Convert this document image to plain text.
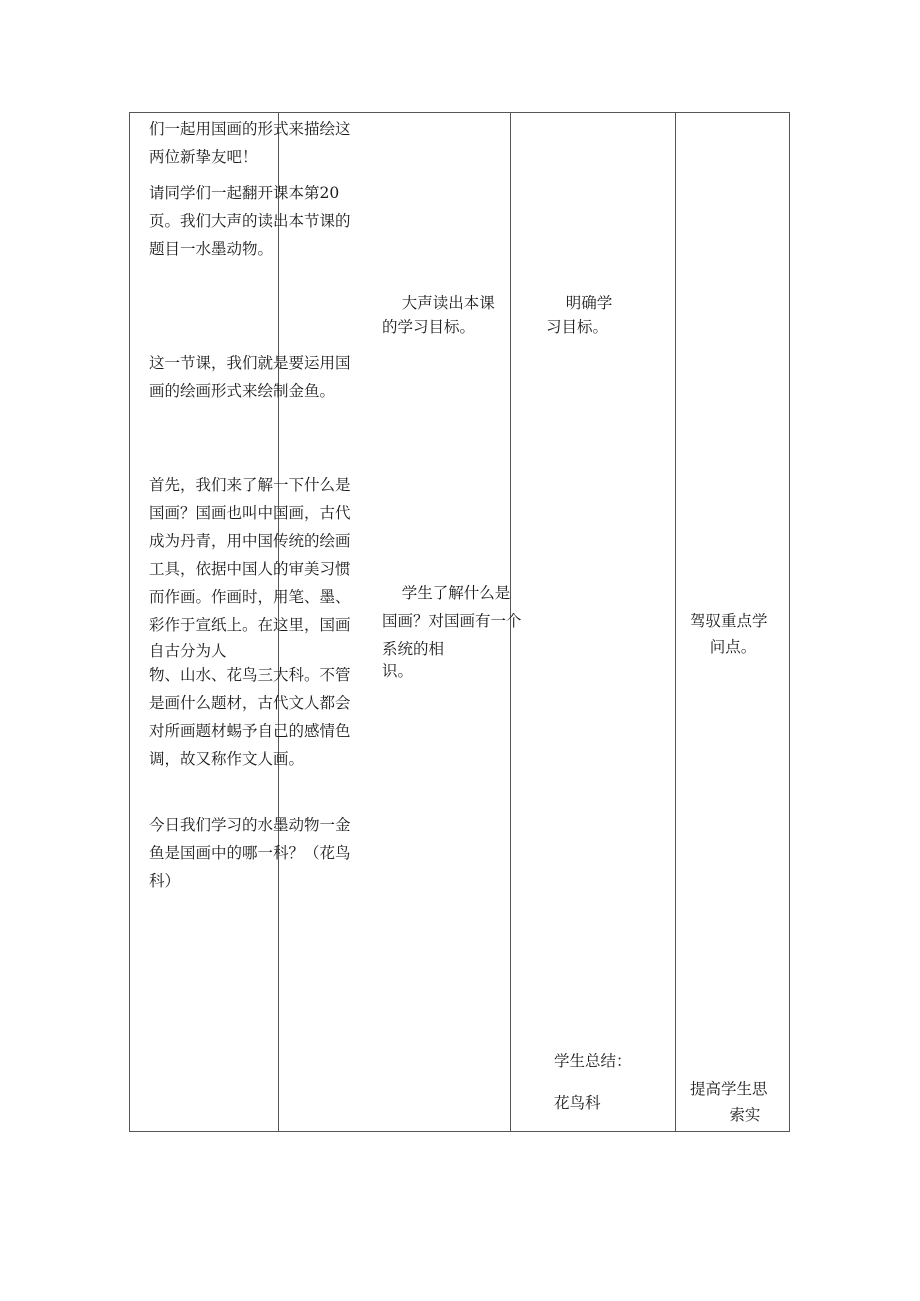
们一起用国画的形式来描绘这
两位新挚友吧！
请同学们一起翻开课本第20
页。我们大声的读出本节课的
题目一水墨动物。
这一节课，我们就是要运用国
画的绘画形式来绘制金鱼。
首先，我们来了解一下什么是
国画？国画也叫中国画，古代
成为丹青，用中国传统的绘画
工具，依据中国人的审美习惯
而作画。作画时，用笔、墨、
彩作于宣纸上。在这里，国画
自古分为人
物、山水、花鸟三大科。不管
是画什么题材，古代文人都会
对所画题材蜴予自己的感情色
调，故又称作文人画。
今日我们学习的水墨动物一金
鱼是国画中的哪一科？（花鸟
科）
大声读出本课
的学习目标。
学生了解什么是
国画？对国画有一个
系统的相
识。
学生总结：
花鸟科
明确学
习目标。
驾驭重点学
问点。
提高学生思
索实
